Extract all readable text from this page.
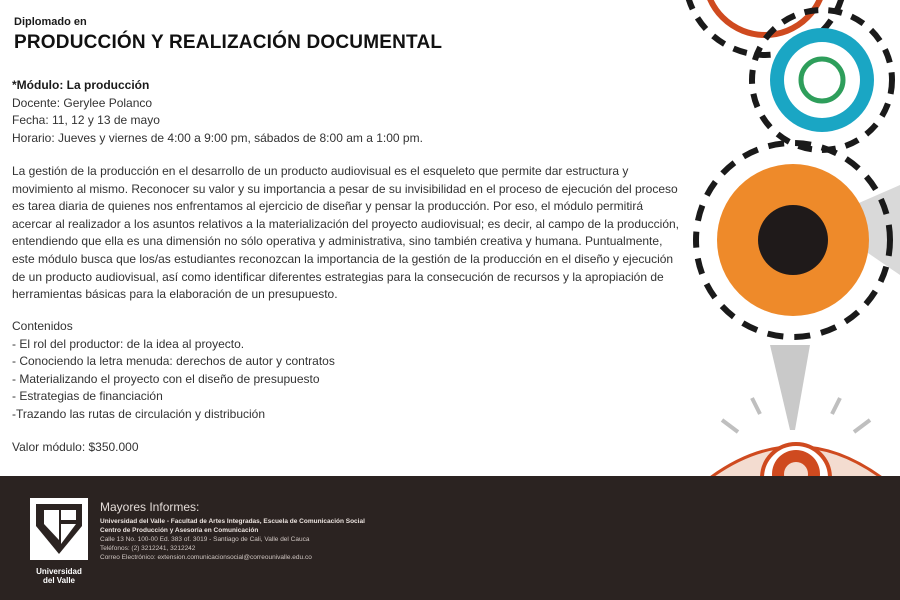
Diplomado en
PRODUCCIÓN Y REALIZACIÓN DOCUMENTAL
*Módulo: La producción
Docente: Gerylee Polanco
Fecha: 11, 12 y 13 de mayo
Horario: Jueves y viernes de 4:00 a 9:00 pm, sábados de 8:00 am a 1:00 pm.
La gestión de la producción en el desarrollo de un producto audiovisual es el esqueleto que permite dar estructura y movimiento al mismo. Reconocer su valor y su importancia a pesar de su invisibilidad en el proceso de ejecución del proceso es tarea diaria de quienes nos enfrentamos al ejercicio de diseñar y pensar la producción. Por eso, el módulo permitirá acercar al realizador a los asuntos relativos a la materialización del proyecto audiovisual; es decir, al campo de la producción, entendiendo que ella es una dimensión no sólo operativa y administrativa, sino también creativa y humana. Puntualmente, este módulo busca que los/as estudiantes reconozcan la importancia de la gestión de la producción en el diseño y ejecución de un producto audiovisual, así como identificar diferentes estrategias para la consecución de recursos y la apropiación de herramientas básicas para la elaboración de un presupuesto.
Contenidos
- El rol del productor: de la idea al proyecto.
- Conociendo la letra menuda: derechos de autor y contratos
- Materializando el proyecto con el diseño de presupuesto
- Estrategias de financiación
-Trazando las rutas de circulación y distribución
Valor módulo: $350.000
Universidad
del Valle
Mayores Informes:
Universidad del Valle - Facultad de Artes Integradas, Escuela de Comunicación Social
Centro de Producción y Asesoría en Comunicación
Calle 13 No. 100-00 Ed. 383 of. 3019 - Santiago de Cali, Valle del Cauca
Teléfonos: (2) 3212241, 3212242
Correo Electrónico: extension.comunicacionsocial@correounivalle.edu.co
